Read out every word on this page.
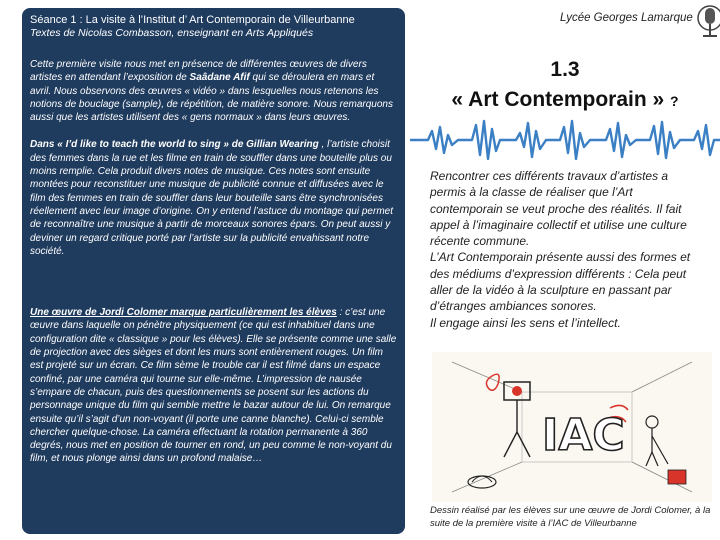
Séance 1 : La visite à l’Institut d’ Art Contemporain de Villeurbanne

Textes de Nicolas Combasson, enseignant en Arts Appliqués

Cette première visite nous met en présence de différentes œuvres de divers artistes en attendant l’exposition de Saâdane Afif qui se déroulera en mars et avril. Nous observons des œuvres « vidéo » dans lesquelles nous retenons les notions de bouclage (sample), de répétition, de matière sonore. Nous remarquons aussi que les artistes utilisent des « gens normaux » dans leurs œuvres.

Dans « I’d like to teach the world to sing » de Gillian Wearing , l’artiste choisit des femmes dans la rue et les filme en train de souffler dans une bouteille plus ou moins remplie. Cela produit divers notes de musique. Ces notes sont ensuite montées pour reconstituer une musique de publicité connue et diffusées avec le film des femmes en train de souffler dans leur bouteille sans être synchronisées réellement avec leur image d’origine. On y entend l’astuce du montage qui permet de reconnaître une musique à partir de morceaux sonores épars. On peut aussi y deviner un regard critique porté par l’artiste sur la publicité envahissant notre société.

Une œuvre de Jordi Colomer marque particulièrement les élèves : c’est une œuvre dans laquelle on pénètre physiquement (ce qui est inhabituel dans une configuration dite « classique » pour les élèves). Elle se présente comme une salle de projection avec des sièges et dont les murs sont entièrement rouges. Un film est projeté sur un écran. Ce film sème le trouble car il est filmé dans un espace confiné, par une caméra qui tourne sur elle-même. L’impression de nausée s’empare de chacun, puis des questionnements se posent sur les actions du personnage unique du film qui semble mettre le bazar autour de lui. On remarque ensuite qu’il s’agit d’un non-voyant (il porte une canne blanche). Celui-ci semble chercher quelque-chose. La caméra effectuant la rotation permanente à 360 degrés, nous met en position de tourner en rond, un peu comme le non-voyant du film, et nous plonge ainsi dans un profond malaise…

Lycée Georges Lamarque
1.3
« Art Contemporain » ?

Rencontrer ces différents travaux d’artistes a permis à la classe de réaliser que l’Art contemporain se veut proche des réalités. Il fait appel à l’imaginaire collectif et utilise une culture récente commune.

L’Art Contemporain présente aussi des formes et des médiums d’expression différents : Cela peut aller de la vidéo à la sculpture en passant par d’étranges ambiances sonores.

Il engage ainsi les sens et l’intellect.

IAC
Dessin réalisé par les élèves sur une œuvre de Jordi Colomer, à la suite de la première visite à l’IAC de Villeurbanne
